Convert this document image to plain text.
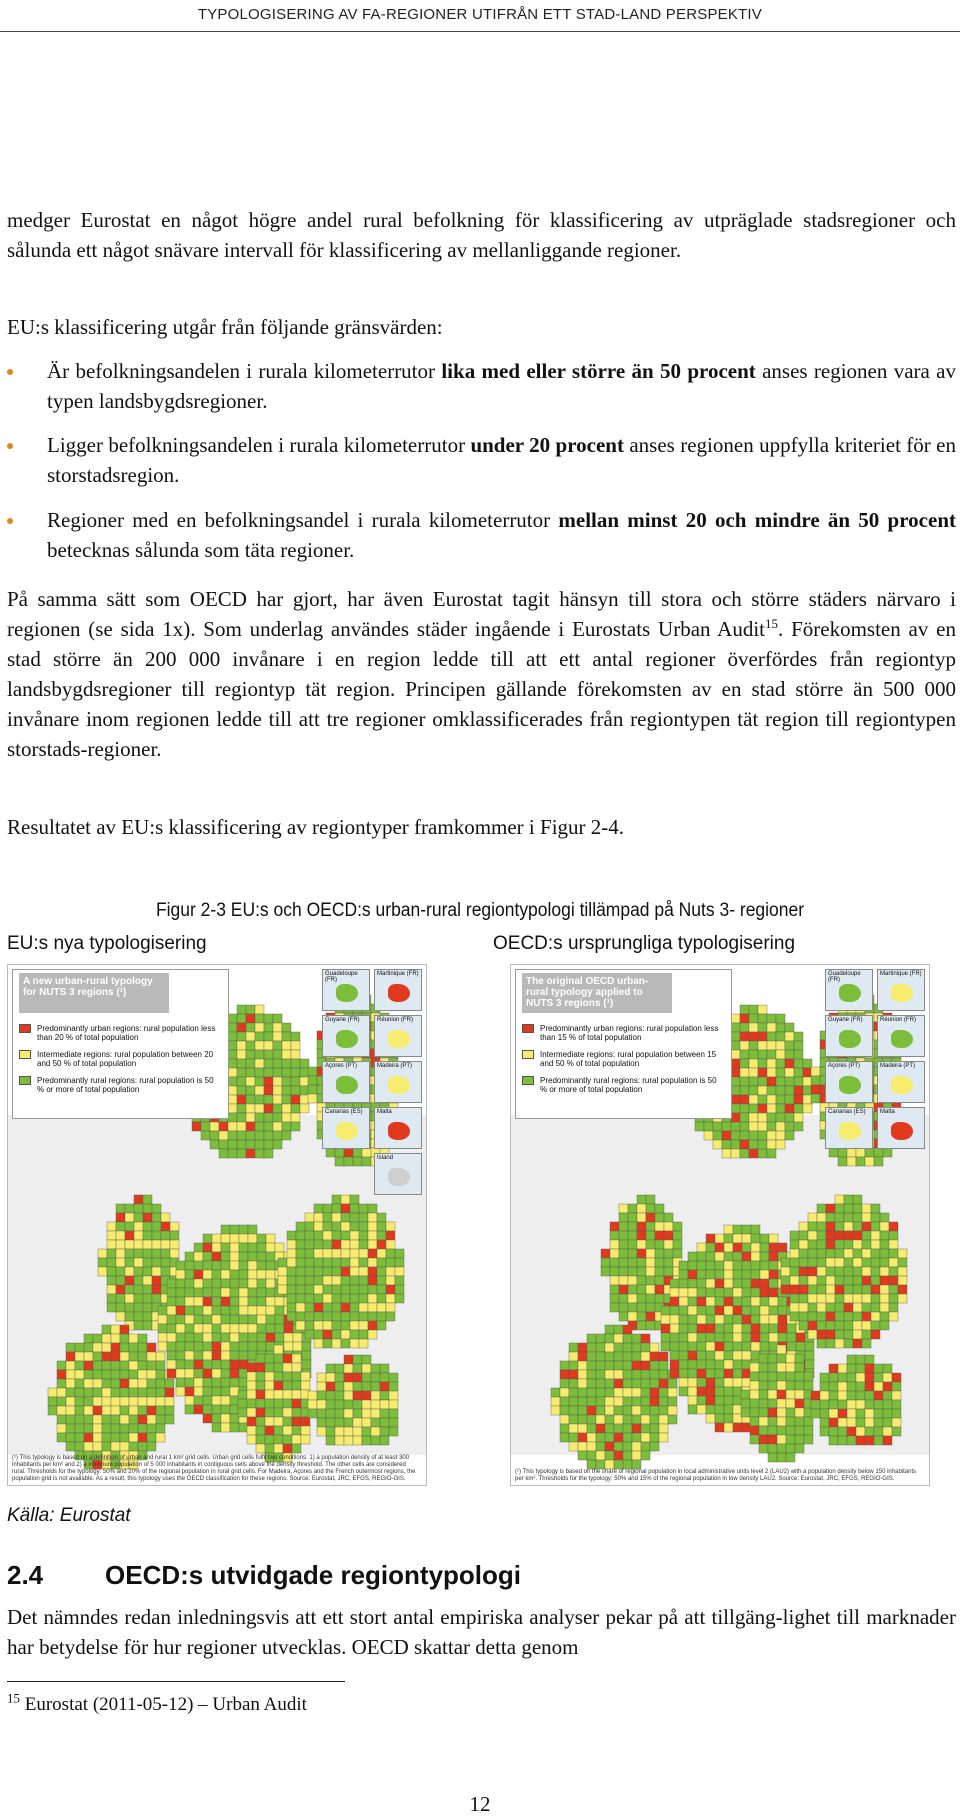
TYPOLOGISERING AV FA-REGIONER UTIFRÅN ETT STAD-LAND PERSPEKTIV

medger Eurostat en något högre andel rural befolkning för klassificering av utpräglade stadsregioner och sålunda ett något snävare intervall för klassificering av mellanliggande regioner.

EU:s klassificering utgår från följande gränsvärden:

Är befolkningsandelen i rurala kilometerrutor lika med eller större än 50 procent anses regionen vara av typen landsbygdsregioner.
Ligger befolkningsandelen i rurala kilometerrutor under 20 procent anses regionen uppfylla kriteriet för en storstadsregion.
Regioner med en befolkningsandel i rurala kilometerrutor mellan minst 20 och mindre än 50 procent betecknas sålunda som täta regioner.

På samma sätt som OECD har gjort, har även Eurostat tagit hänsyn till stora och större städers närvaro i regionen (se sida 1x). Som underlag användes städer ingående i Eurostats Urban Audit$^{15}$. Förekomsten av en stad större än 200 000 invånare i en region ledde till att ett antal regioner överfördes från regiontyp landsbygdsregioner till regiontyp tät region. Principen gällande förekomsten av en stad större än 500 000 invånare inom regionen ledde till att tre regioner omklassificerades från regiontypen tät region till regiontypen storstads-regioner.

Resultatet av EU:s klassificering av regiontyper framkommer i Figur 2-4.

Figur 2-3 EU:s och OECD:s urban-rural regiontypologi tillämpad på Nuts 3- regioner
EU:s nya typologisering	OECD:s ursprungliga typologisering
A new urban-rural typology for NUTS 3 regions (¹)
Predominantly urban regions: rural population less than 20 % of total population
Intermediate regions: rural population between 20 and 50 % of total population
Predominantly rural regions: rural population is 50 % or more of total population
Guadeloupe (FR)
Martinique (FR)
Guyane (FR)	Réunion (FR)
Açores (PT)	Madeira (PT)
Canarias (ES) Malta
Ísland
(¹) This typology is based on a definition of urban and rural 1 km² grid cells. Urban grid cells fulfil two conditions: 1) a population density of at least 300 inhabitants per km² and 2) a minimum population of 5 000 inhabitants in contiguous cells above the density threshold. The other cells are considered rural. Thresholds for the typology: 50% and 20% of the regional population in rural grid cells. For Madeira, Açores and the French outermost regions, the population grid is not available. As a result, this typology uses the OECD classification for these regions. Source: Eurostat, JRC, EFGS, REGIO-GIS.
The original OECD urban-rural typology applied to NUTS 3 regions (¹)
Predominantly urban regions: rural population less than 15 % of total population
Intermediate regions: rural population between 15 and 50 % of total population
Predominantly rural regions: rural population is 50 % or more of total population
Guadeloupe (FR)
Martinique (FR)
Guyane (FR)	Réunion (FR)
Açores (PT)	Madeira (PT)
Canarias (ES) Malta
(¹) This typology is based on the share of regional population in local administrative units level 2 (LAU2) with a population density below 150 inhabitants per km². Thresholds for the typology: 50% and 15% of the regional population in low density LAU2. Source: Eurostat, JRC, EFGS, REGIO-GIS.
Källa: Eurostat
2.4 OECD:s utvidgade regiontypologi

Det nämndes redan inledningsvis att ett stort antal empiriska analyser pekar på att tillgäng-lighet till marknader har betydelse för hur regioner utvecklas. OECD skattar detta genom

$^{15}$ Eurostat (2011-05-12) – Urban Audit
12
